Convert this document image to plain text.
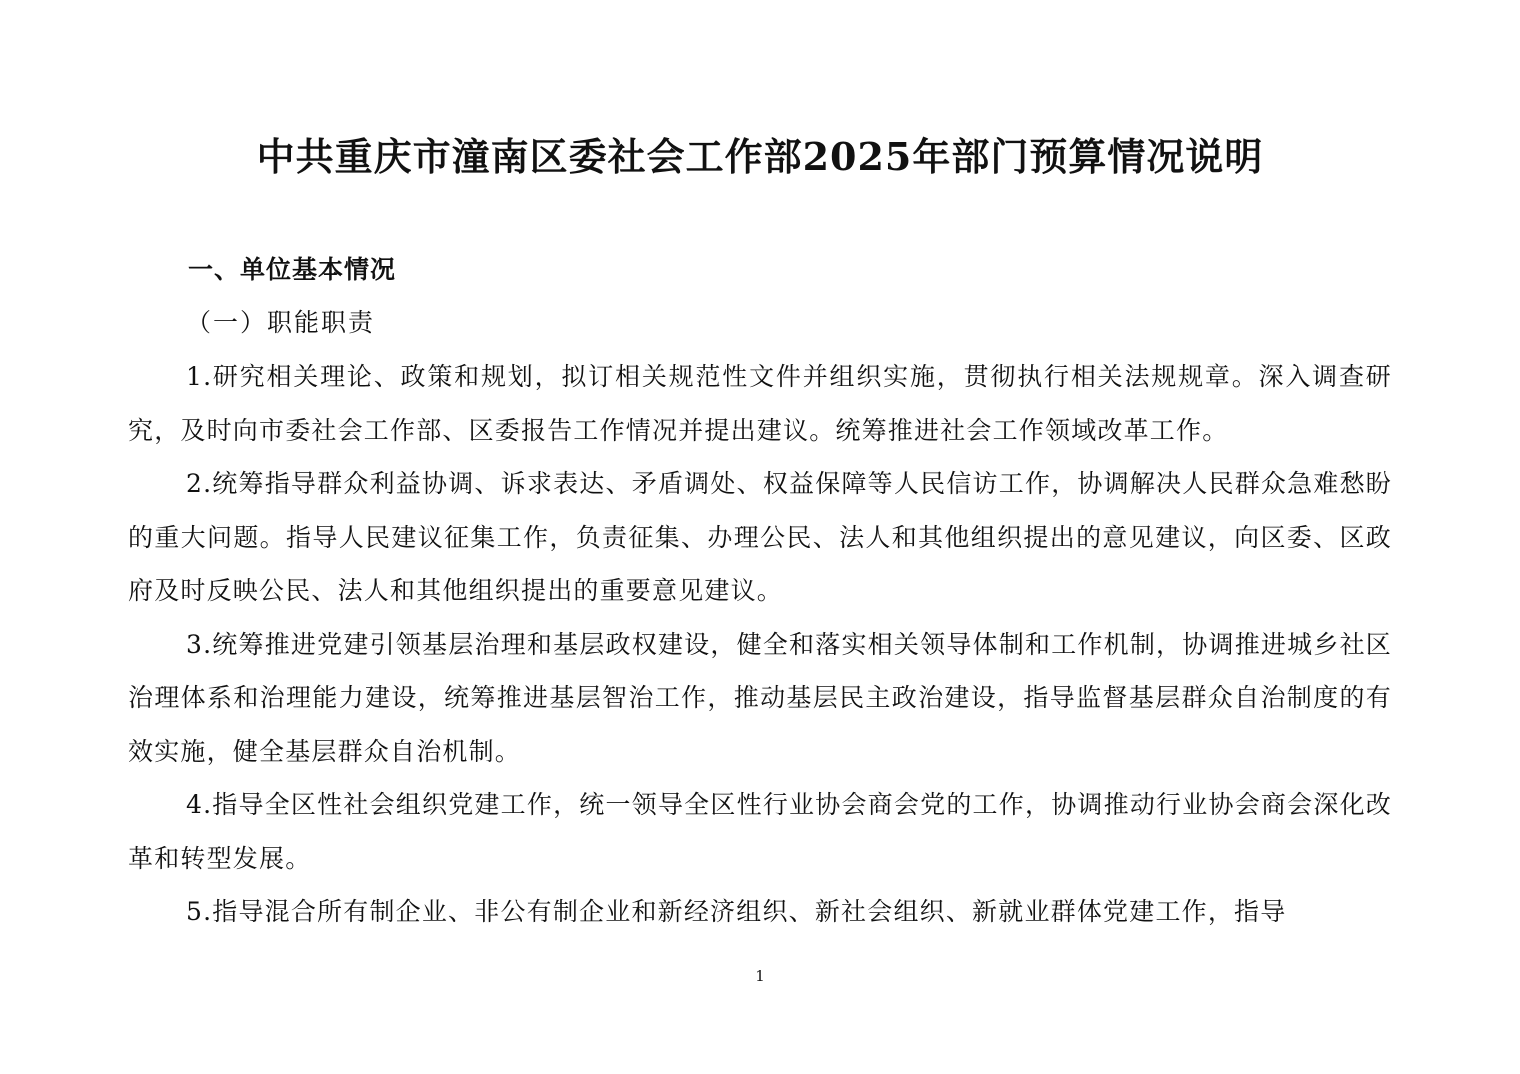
中共重庆市潼南区委社会工作部2025年部门预算情况说明

一、单位基本情况

（一）职能职责

1.研究相关理论、政策和规划，拟订相关规范性文件并组织实施，贯彻执行相关法规规章。深入调查研究，及时向市委社会工作部、区委报告工作情况并提出建议。统筹推进社会工作领域改革工作。

2.统筹指导群众利益协调、诉求表达、矛盾调处、权益保障等人民信访工作，协调解决人民群众急难愁盼的重大问题。指导人民建议征集工作，负责征集、办理公民、法人和其他组织提出的意见建议，向区委、区政府及时反映公民、法人和其他组织提出的重要意见建议。

3.统筹推进党建引领基层治理和基层政权建设，健全和落实相关领导体制和工作机制，协调推进城乡社区治理体系和治理能力建设，统筹推进基层智治工作，推动基层民主政治建设，指导监督基层群众自治制度的有效实施，健全基层群众自治机制。

4.指导全区性社会组织党建工作，统一领导全区性行业协会商会党的工作，协调推动行业协会商会深化改革和转型发展。

5.指导混合所有制企业、非公有制企业和新经济组织、新社会组织、新就业群体党建工作，指导

1
